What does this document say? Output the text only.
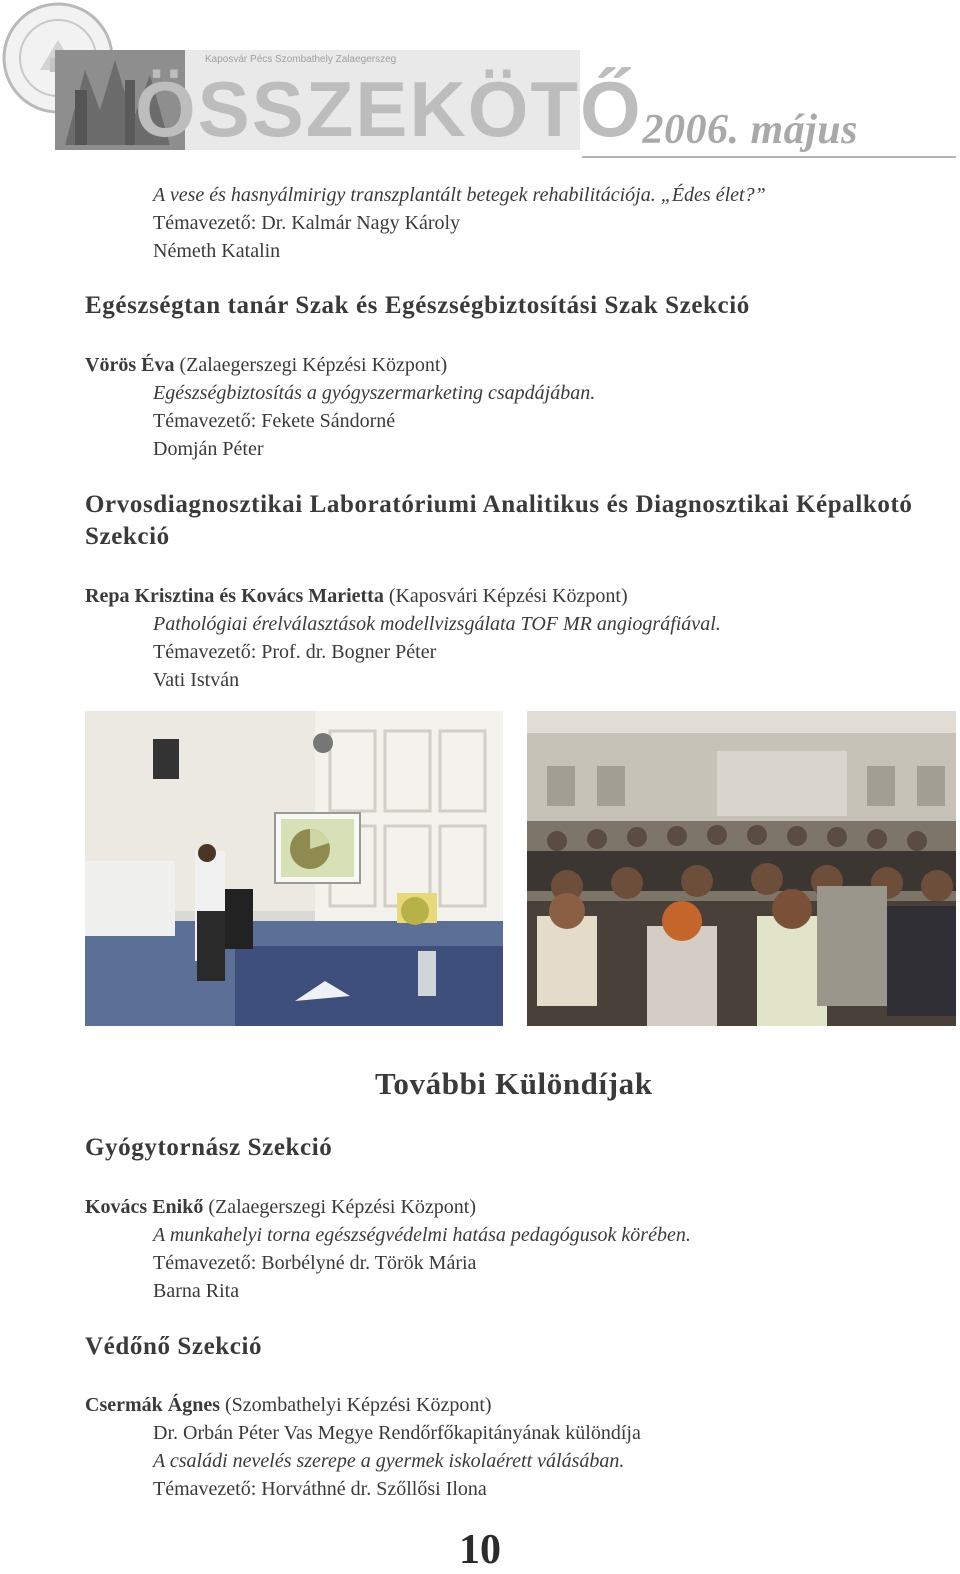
Kaposvár Pécs Szombathely Zalaegerszeg
ÖSSZEKÖTŐ 2006. május
A vese és hasnyálmirigy transzplantált betegek rehabilitációja. „Édes élet?”
Témavezető: Dr. Kalmár Nagy Károly
Németh Katalin
Egészségtan tanár Szak és Egészségbiztosítási Szak Szekció
Vörös Éva (Zalaegerszegi Képzési Központ)
Egészségbiztosítás a gyógyszermarketing csapdájában.
Témavezető: Fekete Sándorné
Domján Péter
Orvosdiagnosztikai Laboratóriumi Analitikus és Diagnosztikai Képalkotó
Szekció
Repa Krisztina és Kovács Marietta (Kaposvári Képzési Központ)
Pathológiai érelválasztások modellvizsgálata TOF MR angiográfiával.
Témavezető: Prof. dr. Bogner Péter
Vati István
További Különdíjak
Gyógytornász Szekció
Kovács Enikő (Zalaegerszegi Képzési Központ)
A munkahelyi torna egészségvédelmi hatása pedagógusok körében.
Témavezető: Borbélyné dr. Török Mária
Barna Rita
Védőnő Szekció
Csermák Ágnes (Szombathelyi Képzési Központ)
Dr. Orbán Péter Vas Megye Rendőrfőkapitányának különdíja
A családi nevelés szerepe a gyermek iskolaérett válásában.
Témavezető: Horváthné dr. Szőllősi Ilona
10
